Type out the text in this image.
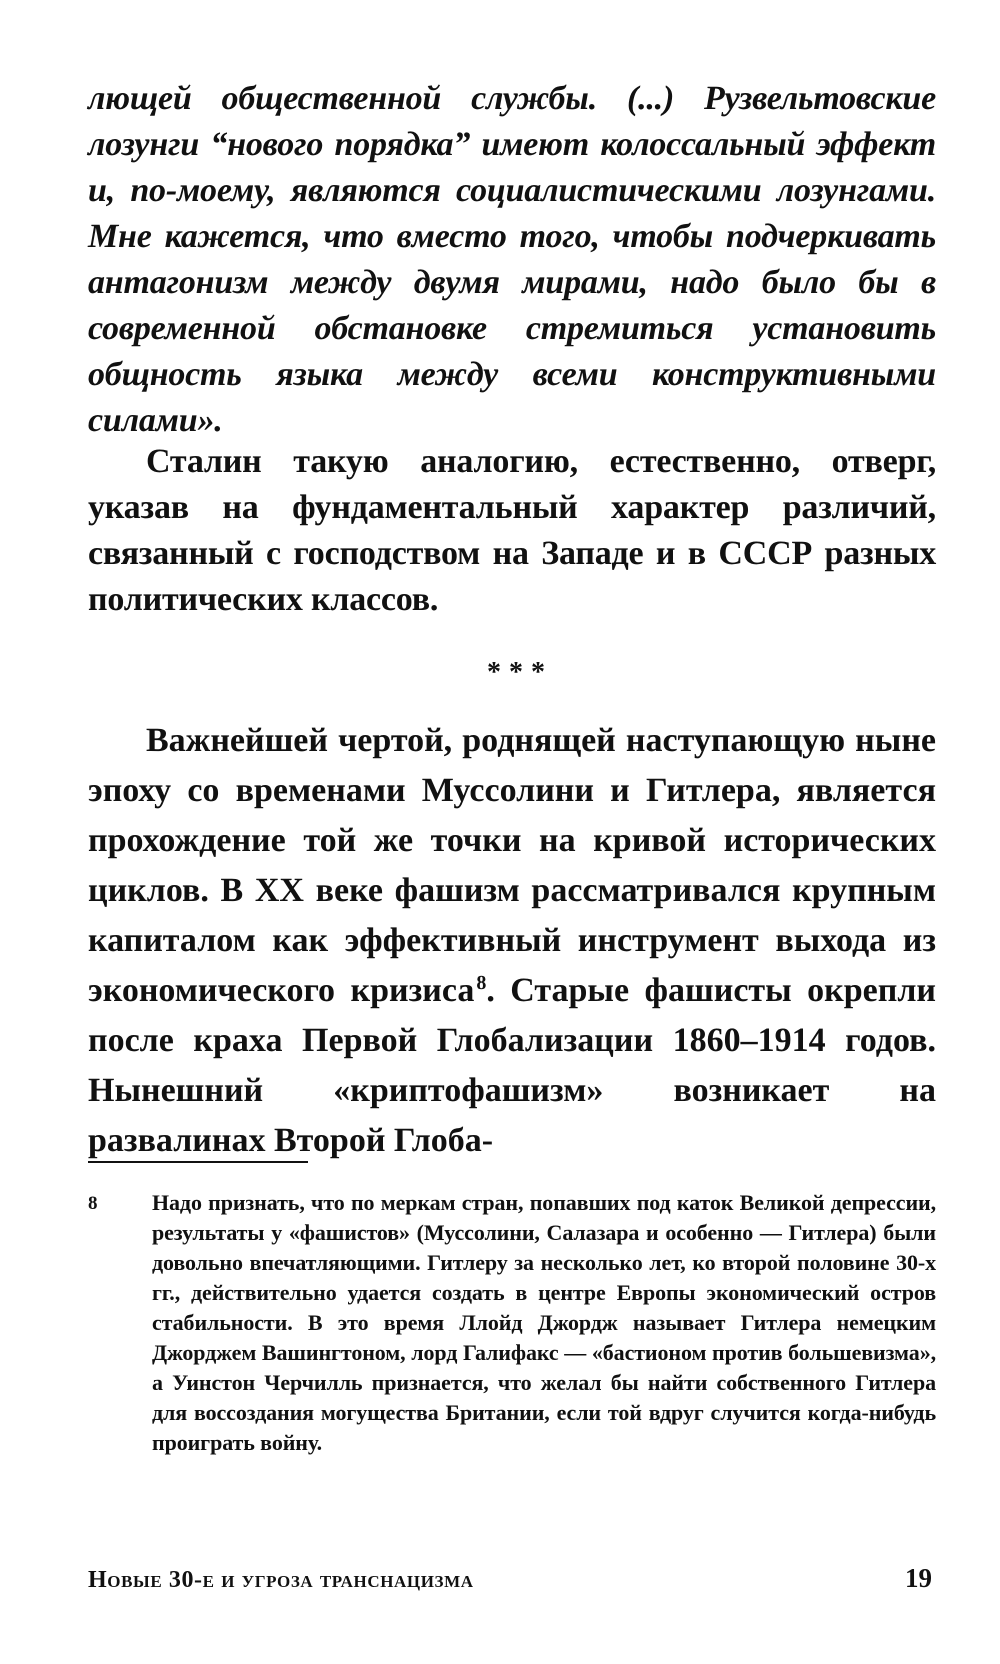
лющей общественной службы. (...) Рузвельтовские лозунги “нового порядка” имеют колоссальный эффект и, по-моему, являются социалистическими лозунгами. Мне кажется, что вместо того, чтобы подчеркивать антагонизм между двумя мирами, надо было бы в современной обстановке стремиться установить общность языка между всеми конструктивными силами».

Сталин такую аналогию, естественно, отверг, указав на фундаментальный характер различий, связанный с господством на Западе и в СССР разных политических классов.

***

Важнейшей чертой, роднящей наступающую ныне эпоху со временами Муссолини и Гитлера, является прохождение той же точки на кривой исторических циклов. В XX веке фашизм рассматривался крупным капиталом как эффективный инструмент выхода из экономического кризиса $^8$. Старые фашисты окрепли после краха Первой Глобализации 1860–1914 годов. Нынешний «криптофашизм» возникает на развалинах Второй Глоба-

8 Надо признать, что по меркам стран, попавших под каток Великой депрессии, результаты у «фашистов» (Муссолини, Салазара и особенно — Гитлера) были довольно впечатляющими. Гитлеру за несколько лет, ко второй половине 30-х гг., действительно удается создать в центре Европы экономический остров стабильности. В это время Ллойд Джордж называет Гитлера немецким Джорджем Вашингтоном, лорд Галифакс — «бастионом против большевизма», а Уинстон Черчилль признается, что желал бы найти собственного Гитлера для воссоздания могущества Британии, если той вдруг случится когда-нибудь проиграть войну.

Новые 30-е и угроза транснацизма	19
